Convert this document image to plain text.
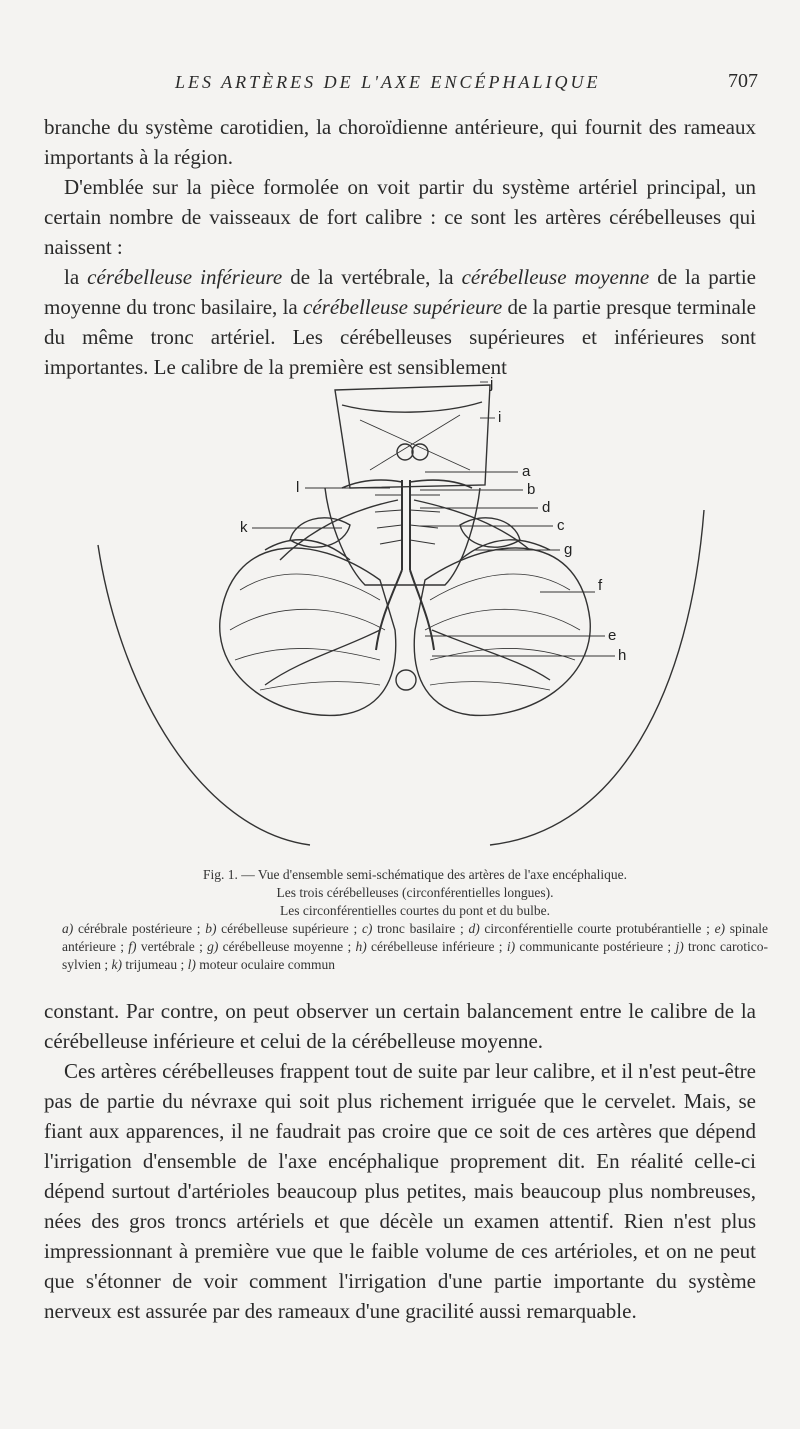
LES ARTÈRES DE L'AXE ENCÉPHALIQUE	707

branche du système carotidien, la choroïdienne antérieure, qui fournit des rameaux importants à la région.

D'emblée sur la pièce formolée on voit partir du système artériel principal, un certain nombre de vaisseaux de fort calibre : ce sont les artères cérébelleuses qui naissent :

la cérébelleuse inférieure de la vertébrale, la cérébelleuse moyenne de la partie moyenne du tronc basilaire, la cérébelleuse supérieure de la partie presque terminale du même tronc artériel. Les cérébelleuses supérieures et inférieures sont importantes. Le calibre de la première est sensiblement

j
i
a
b
d
c
g
f
e
h
l
k
Fig. 1. — Vue d'ensemble semi-schématique des artères de l'axe encéphalique.
Les trois cérébelleuses (circonférentielles longues).
Les circonférentielles courtes du pont et du bulbe.
a) cérébrale postérieure ; b) cérébelleuse supérieure ; c) tronc basilaire ; d) circonférentielle courte protubérantielle ; e) spinale antérieure ; f) vertébrale ; g) cérébelleuse moyenne ; h) cérébelleuse inférieure ; i) communicante postérieure ; j) tronc carotico-sylvien ; k) trijumeau ; l) moteur oculaire commun

constant. Par contre, on peut observer un certain balancement entre le calibre de la cérébelleuse inférieure et celui de la cérébelleuse moyenne.

Ces artères cérébelleuses frappent tout de suite par leur calibre, et il n'est peut-être pas de partie du névraxe qui soit plus richement irriguée que le cervelet. Mais, se fiant aux apparences, il ne faudrait pas croire que ce soit de ces artères que dépend l'irrigation d'ensemble de l'axe encéphalique proprement dit. En réalité celle-ci dépend surtout d'artérioles beaucoup plus petites, mais beaucoup plus nombreuses, nées des gros troncs artériels et que décèle un examen attentif. Rien n'est plus impressionnant à première vue que le faible volume de ces artérioles, et on ne peut que s'étonner de voir comment l'irrigation d'une partie importante du système nerveux est assurée par des rameaux d'une gracilité aussi remarquable.
